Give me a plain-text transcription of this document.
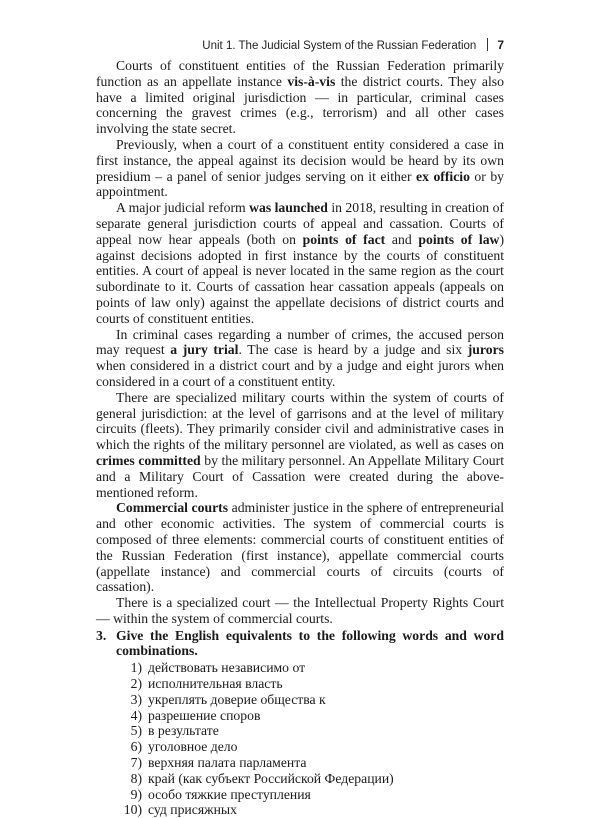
Unit 1. The Judicial System of the Russian Federation 7

Courts of constituent entities of the Russian Federation primarily function as an appellate instance vis-à-vis the district courts. They also have a limited original jurisdiction — in particular, criminal cases concerning the gravest crimes (e.g., terrorism) and all other cases involving the state secret.

Previously, when a court of a constituent entity considered a case in first instance, the appeal against its decision would be heard by its own presidium – a panel of senior judges serving on it either ex officio or by appointment.

A major judicial reform was launched in 2018, resulting in creation of separate general jurisdiction courts of appeal and cassation. Courts of appeal now hear appeals (both on points of fact and points of law) against decisions adopted in first instance by the courts of constituent entities. A court of appeal is never located in the same region as the court subordinate to it. Courts of cassation hear cassation appeals (appeals on points of law only) against the appellate decisions of district courts and courts of constituent entities.

In criminal cases regarding a number of crimes, the accused person may request a jury trial. The case is heard by a judge and six jurors when considered in a district court and by a judge and eight jurors when considered in a court of a constituent entity.

There are specialized military courts within the system of courts of general jurisdiction: at the level of garrisons and at the level of military circuits (fleets). They primarily consider civil and administrative cases in which the rights of the military personnel are violated, as well as cases on crimes committed by the military personnel. An Appellate Military Court and a Military Court of Cassation were created during the above-mentioned reform.

Commercial courts administer justice in the sphere of entrepreneurial and other economic activities. The system of commercial courts is composed of three elements: commercial courts of constituent entities of the Russian Federation (first instance), appellate commercial courts (appellate instance) and commercial courts of circuits (courts of cassation).

There is a specialized court — the Intellectual Property Rights Court — within the system of commercial courts.

3. Give the English equivalents to the following words and word combinations.
1) действовать независимо от
2) исполнительная власть
3) укреплять доверие общества к
4) разрешение споров
5) в результате
6) уголовное дело
7) верхняя палата парламента
8) край (как субъект Российской Федерации)
9) особо тяжкие преступления
10) суд присяжных
